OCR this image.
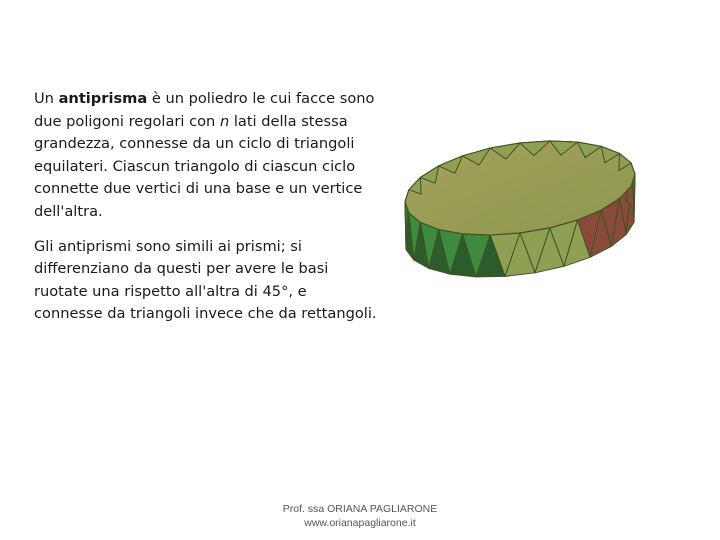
Un antiprisma è un poliedro le cui facce sono due poligoni regolari con n lati della stessa grandezza, connesse da un ciclo di triangoli equilateri. Ciascun triangolo di ciascun ciclo connette due vertici di una base e un vertice dell'altra.

Gli antiprismi sono simili ai prismi; si differenziano da questi per avere le basi ruotate una rispetto all'altra di 45°, e connesse da triangoli invece che da rettangoli.

Prof. ssa ORIANA PAGLIARONE
www.orianapagliarone.it
